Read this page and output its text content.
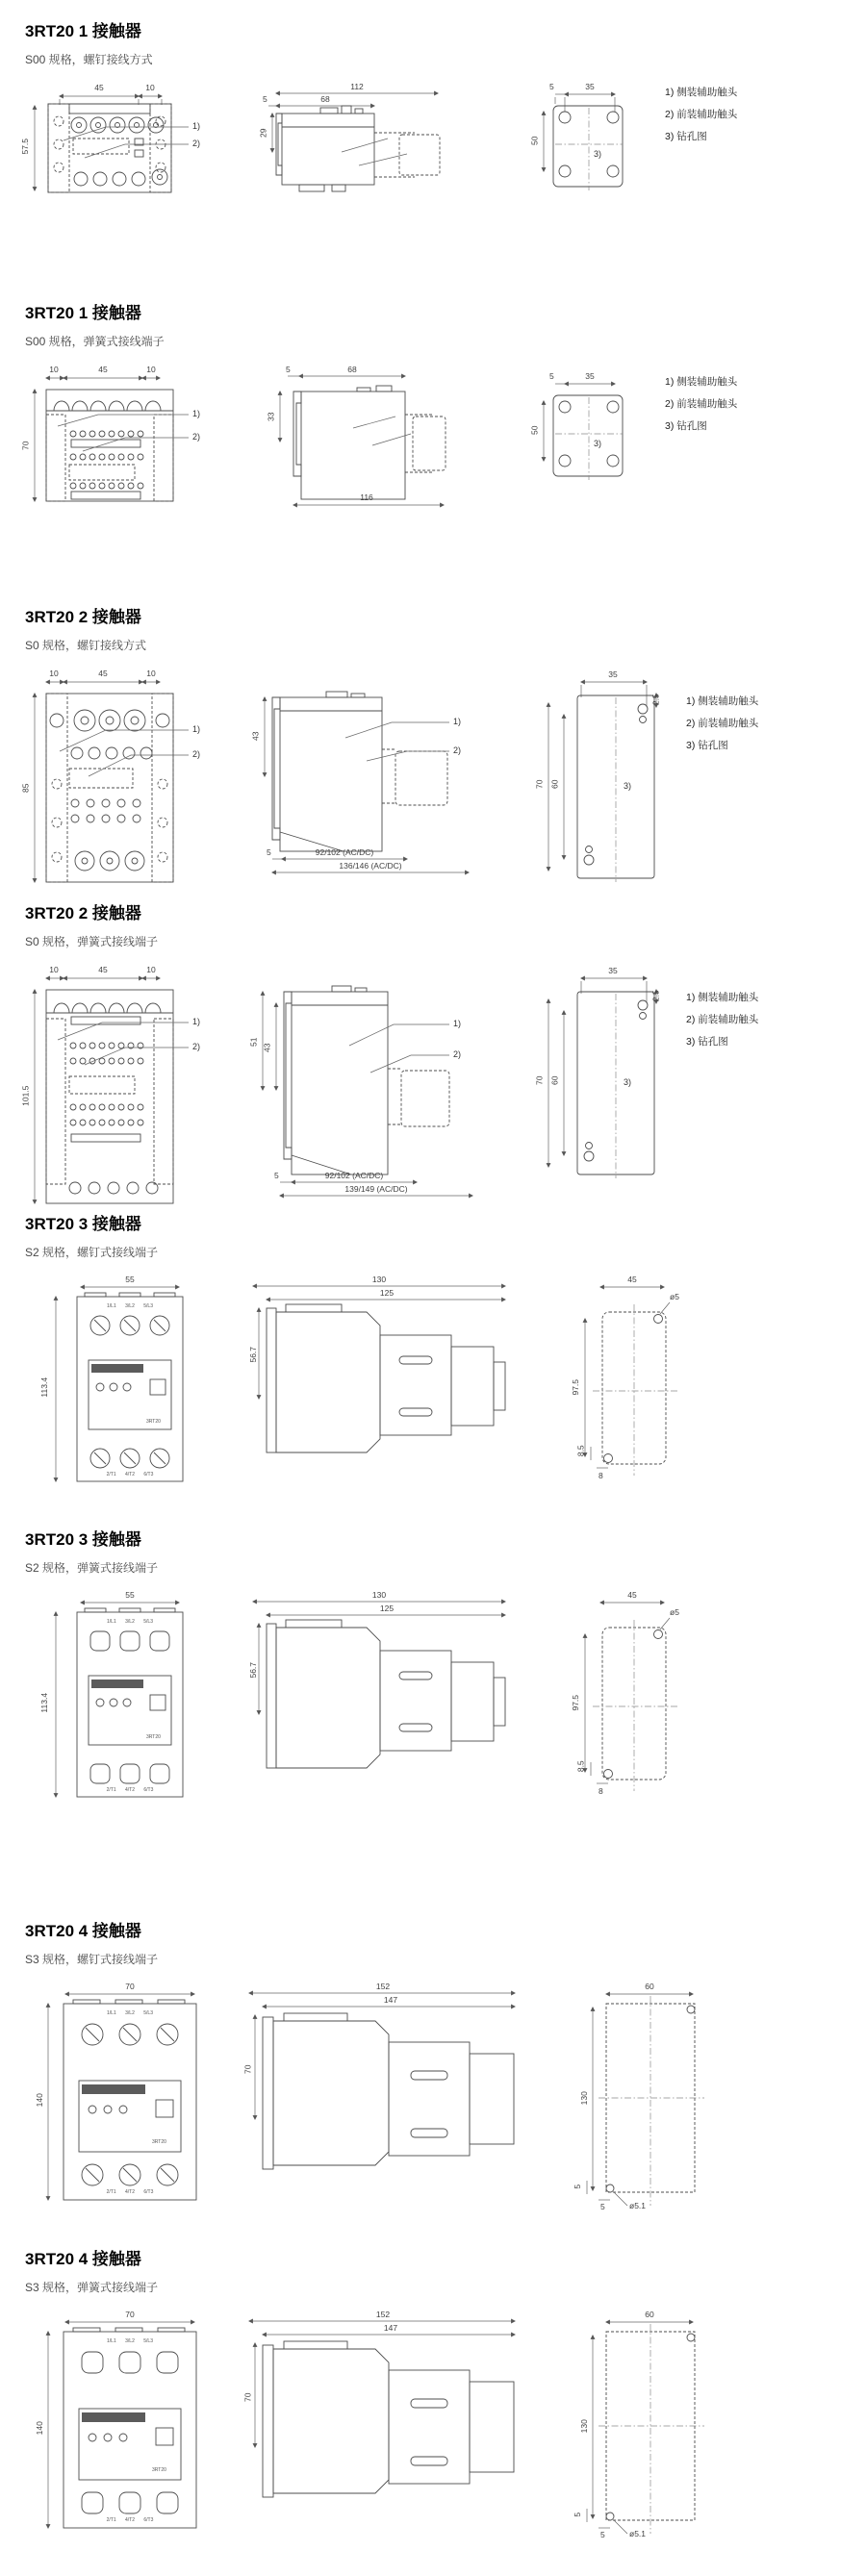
3RT20 1 接触器

S00 规格，螺钉接线方式

45	10
57.5
1)
2)
112
68
5
29
5	35
50
3)
1) 侧装辅助触头
2) 前装辅助触头
3) 钻孔图
3RT20 1 接触器

S00 规格，弹簧式接线端子

10	45	10
70
1)
2)
5	68
33
116
5	35
50
3)
1) 侧装辅助触头
2) 前装辅助触头
3) 钻孔图
3RT20 2 接触器

S0 规格，螺钉接线方式

10	45	10
85
1)
2)
43
1)
2)
5	92/102 (AC/DC)
136/146 (AC/DC)
35
2.5
70 60	3)
1) 侧装辅助触头
2) 前装辅助触头
3) 钻孔图
3RT20 2 接触器

S0 规格，弹簧式接线端子

10	45	10
101.5
1)
2)	51
43
1)
2)
5	92/102 (AC/DC)
139/149 (AC/DC)
35
2.5
70 60	3)
1) 侧装辅助触头
2) 前装辅助触头
3) 钻孔图
3RT20 3 接触器

S2 规格，螺钉式接线端子

55
113.4
1/L1 3/L2 5/L3
2/T1 4/T2 6/T3
3RT20
130
125
56.7
45
ø5
97.5
8.5
8
3RT20 3 接触器

S2 规格，弹簧式接线端子

55
113.4
1/L1 3/L2 5/L3
2/T1 4/T2 6/T3
3RT20
130
125
56.7
45
ø5
97.5
8.5
8
3RT20 4 接触器

S3 规格，螺钉式接线端子

70
140
1/L1 3/L2 5/L3
2/T1 4/T2 6/T3
3RT20
152
147
70
60
130
5
5	ø5.1
3RT20 4 接触器

S3 规格，弹簧式接线端子

70
140
1/L1 3/L2 5/L3
2/T1 4/T2 6/T3
3RT20
152
147
70
60
130
5
5	ø5.1
